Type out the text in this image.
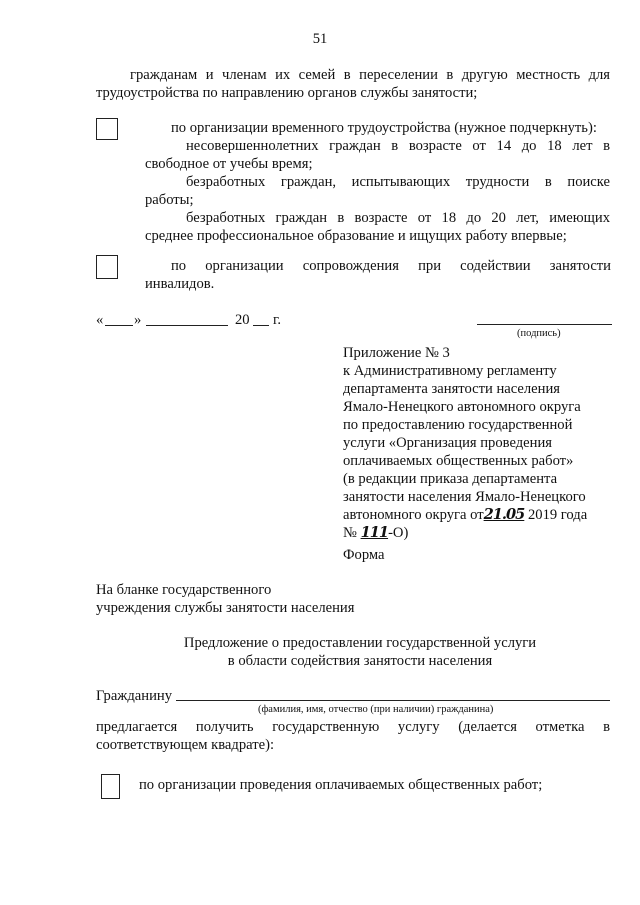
51
гражданам и членам их семей в переселении в другую местность для
трудоустройства по направлению органов службы занятости;
по организации временного трудоустройства (нужное подчеркнуть):
несовершеннолетних граждан в возрасте от 14 до 18 лет в
свободное от учебы время;
безработных граждан, испытывающих трудности в поиске
работы;
безработных граждан в возрасте от 18 до 20 лет, имеющих
среднее профессиональное образование и ищущих работу впервые;
по организации сопровождения при содействии занятости
инвалидов.
« »	20 г.
(подпись)
Приложение № 3
к Административному регламенту
департамента занятости населения
Ямало-Ненецкого автономного округа
по предоставлению государственной
услуги «Организация проведения
оплачиваемых общественных работ»
(в редакции приказа департамента
занятости населения Ямало-Ненецкого
автономного округа от21.05 2019 года
№ 111-О)
Форма
На бланке государственного
учреждения службы занятости населения
Предложение о предоставлении государственной услуги
в области содействия занятости населения
Гражданину
(фамилия, имя, отчество (при наличии) гражданина)
предлагается получить государственную услугу (делается отметка в
соответствующем квадрате):
по организации проведения оплачиваемых общественных работ;
